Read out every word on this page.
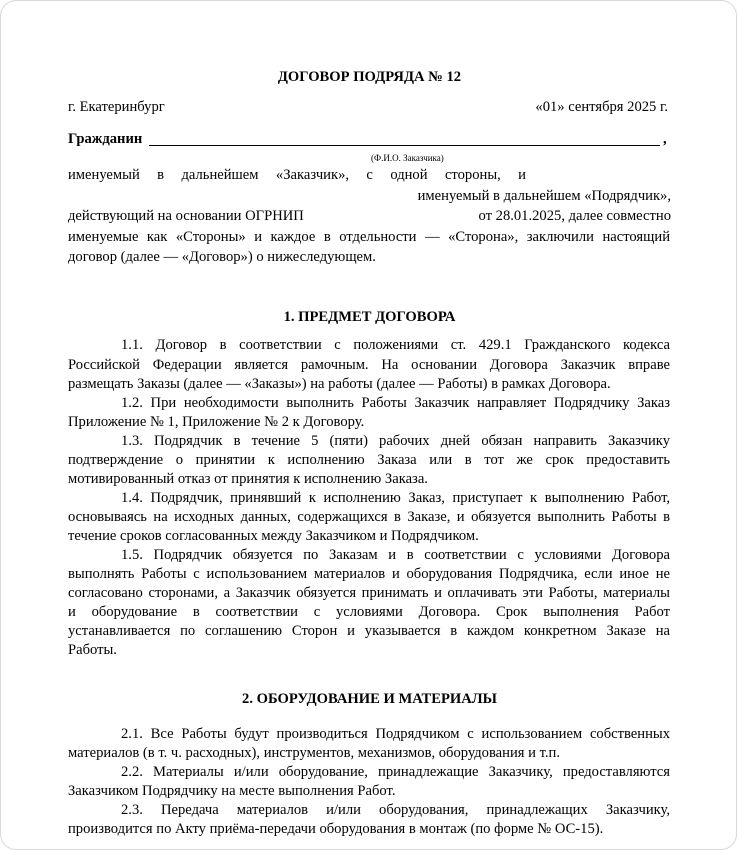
ДОГОВОР ПОДРЯДА № 12
г. Екатеринбург	«01» сентября 2025 г.
Гражданин	,
(Ф.И.О. Заказчика)
именуемый в дальнейшем «Заказчик», с одной стороны, и
именуемый в дальнейшем «Подрядчик»,
действующий на основании ОГРНИП	от 28.01.2025, далее совместно
именуемые как «Стороны» и каждое в отдельности — «Сторона», заключили настоящий
договор (далее — «Договор») о нижеследующем.
1. ПРЕДМЕТ ДОГОВОРА
1.1. Договор в соответствии с положениями ст. 429.1 Гражданского кодекса
Российской Федерации является рамочным. На основании Договора Заказчик вправе
размещать Заказы (далее — «Заказы») на работы (далее — Работы) в рамках Договора.
1.2. При необходимости выполнить Работы Заказчик направляет Подрядчику Заказ
Приложение № 1, Приложение № 2 к Договору.
1.3. Подрядчик в течение 5 (пяти) рабочих дней обязан направить Заказчику
подтверждение о принятии к исполнению Заказа или в тот же срок предоставить
мотивированный отказ от принятия к исполнению Заказа.
1.4. Подрядчик, принявший к исполнению Заказ, приступает к выполнению Работ,
основываясь на исходных данных, содержащихся в Заказе, и обязуется выполнить Работы в
течение сроков согласованных между Заказчиком и Подрядчиком.
1.5. Подрядчик обязуется по Заказам и в соответствии с условиями Договора
выполнять Работы с использованием материалов и оборудования Подрядчика, если иное не
согласовано сторонами, а Заказчик обязуется принимать и оплачивать эти Работы, материалы
и оборудование в соответствии с условиями Договора. Срок выполнения Работ
устанавливается по соглашению Сторон и указывается в каждом конкретном Заказе на
Работы.
2. ОБОРУДОВАНИЕ И МАТЕРИАЛЫ
2.1. Все Работы будут производиться Подрядчиком с использованием собственных
материалов (в т. ч. расходных), инструментов, механизмов, оборудования и т.п.
2.2. Материалы и/или оборудование, принадлежащие Заказчику, предоставляются
Заказчиком Подрядчику на месте выполнения Работ.
2.3. Передача материалов и/или оборудования, принадлежащих Заказчику,
производится по Акту приёма-передачи оборудования в монтаж (по форме № ОС-15).
